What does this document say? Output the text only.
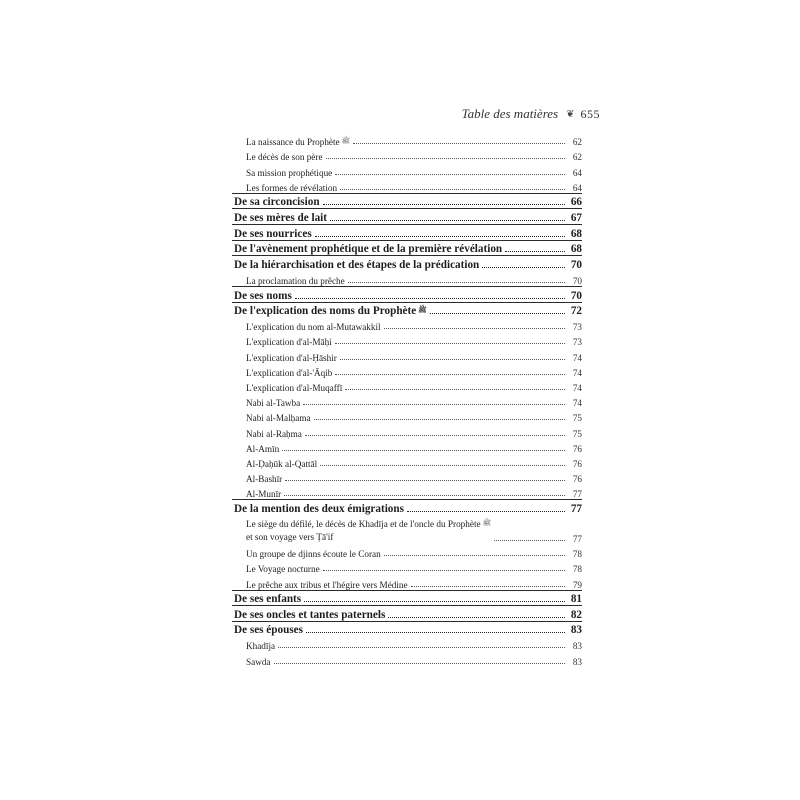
Table des matières ❦ 655
La naissance du Prophète $^ﷺ$	62
Le décès de son père	62
Sa mission prophétique	64
Les formes de révélation	64
De sa circoncision	66
De ses mères de lait	67
De ses nourrices	68
De l'avènement prophétique et de la première révélation	68
De la hiérarchisation et des étapes de la prédication	70
La proclamation du prêche	70
De ses noms	70
De l'explication des noms du Prophète ﷺ	72
L'explication du nom al-Mutawakkil	73
L'explication d'al-Māḥi	73
L'explication d'al-Ḥāshir	74
L'explication d'al-'Āqib	74
L'explication d'al-Muqaffī	74
Nabi al-Tawba	74
Nabi al-Malḥama	75
Nabi al-Raḥma	75
Al-Amīn	76
Al-Ḍaḥūk al-Qattāl	76
Al-Bashīr	76
Al-Munīr	77
De la mention des deux émigrations	77
Le siège du défilé, le décès de Khadīja et de l'oncle du Prophète $^ﷺ$
et son voyage vers Ṭā'if	77
Un groupe de djinns écoute le Coran	78
Le Voyage nocturne	78
Le prêche aux tribus et l'hégire vers Médine	79
De ses enfants	81
De ses oncles et tantes paternels	82
De ses épouses	83
Khadīja	83
Sawda	83
